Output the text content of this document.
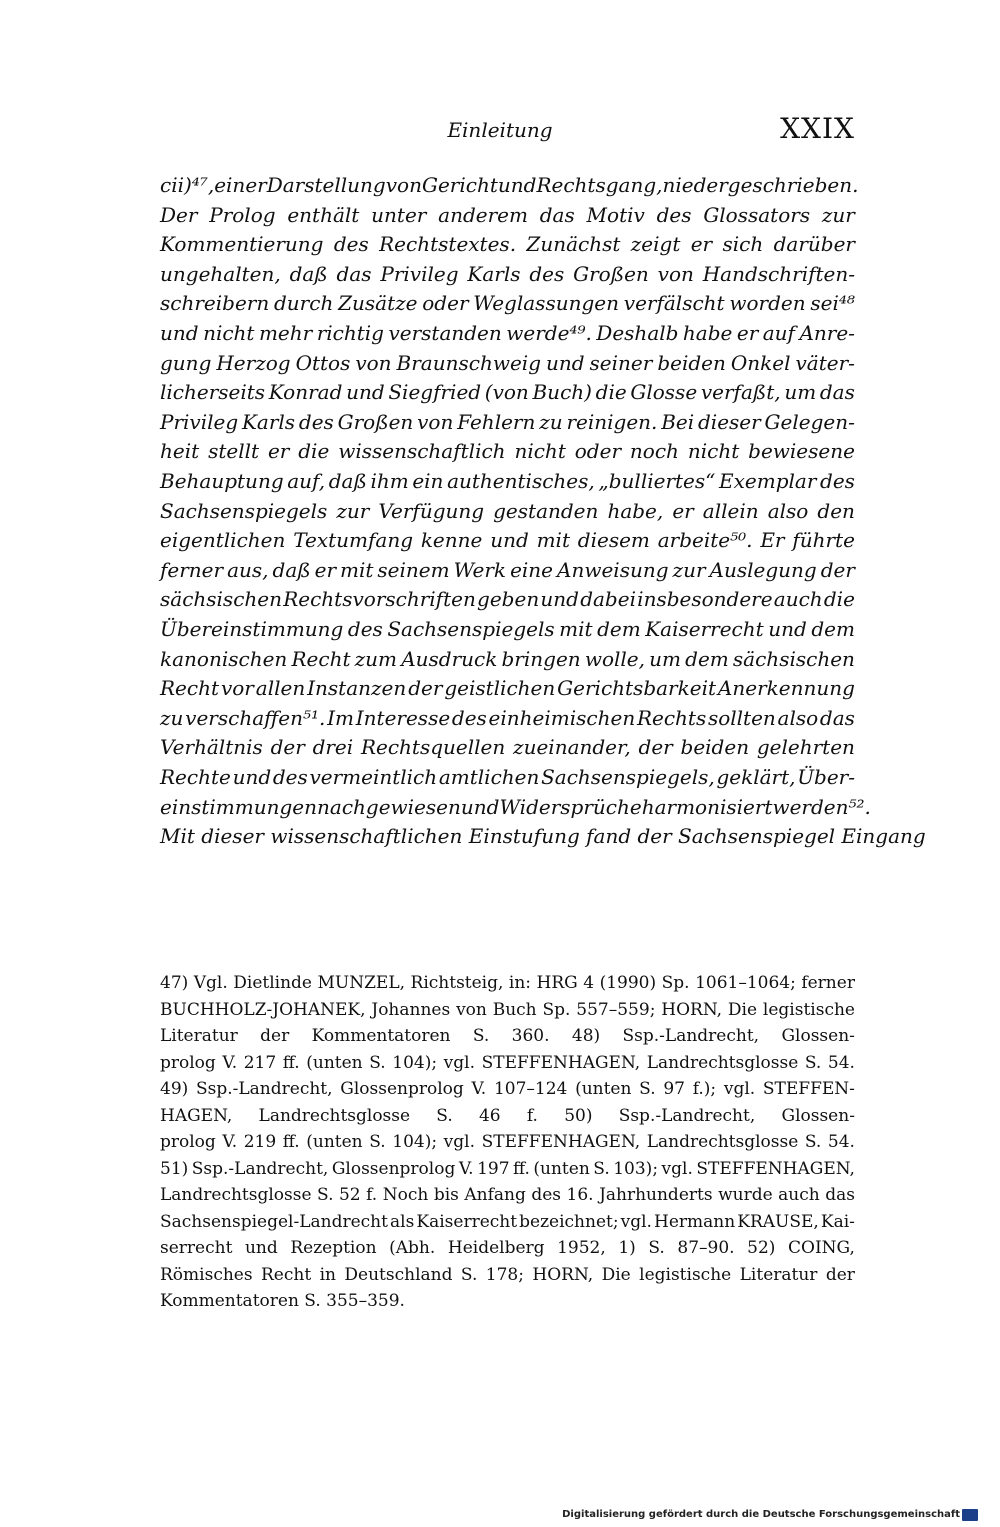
Einleitung	XXIX
cii)⁴⁷, einer Darstellung von Gericht und Rechtsgang, niedergeschrieben.
Der Prolog enthält unter anderem das Motiv des Glossators zur
Kommentierung des Rechtstextes. Zunächst zeigt er sich darüber
ungehalten, daß das Privileg Karls des Großen von Handschriften-
schreibern durch Zusätze oder Weglassungen verfälscht worden sei⁴⁸
und nicht mehr richtig verstanden werde⁴⁹. Deshalb habe er auf Anre-
gung Herzog Ottos von Braunschweig und seiner beiden Onkel väter-
licherseits Konrad und Siegfried (von Buch) die Glosse verfaßt, um das
Privileg Karls des Großen von Fehlern zu reinigen. Bei dieser Gelegen-
heit stellt er die wissenschaftlich nicht oder noch nicht bewiesene
Behauptung auf, daß ihm ein authentisches, „bulliertes“ Exemplar des
Sachsenspiegels zur Verfügung gestanden habe, er allein also den
eigentlichen Textumfang kenne und mit diesem arbeite⁵⁰. Er führte
ferner aus, daß er mit seinem Werk eine Anweisung zur Auslegung der
sächsischen Rechtsvorschriften geben und dabei insbesondere auch die
Übereinstimmung des Sachsenspiegels mit dem Kaiserrecht und dem
kanonischen Recht zum Ausdruck bringen wolle, um dem sächsischen
Recht vor allen Instanzen der geistlichen Gerichtsbarkeit Anerkennung
zu verschaffen⁵¹. Im Interesse des einheimischen Rechts sollten also das
Verhältnis der drei Rechtsquellen zueinander, der beiden gelehrten
Rechte und des vermeintlich amtlichen Sachsenspiegels, geklärt, Über-
einstimmungen nachgewiesen und Widersprüche harmonisiert werden⁵².
Mit dieser wissenschaftlichen Einstufung fand der Sachsenspiegel Eingang
47) Vgl. Dietlinde MUNZEL, Richtsteig, in: HRG 4 (1990) Sp. 1061–1064; ferner
BUCHHOLZ-JOHANEK, Johannes von Buch Sp. 557–559; HORN, Die legistische
Literatur der Kommentatoren S. 360. 48) Ssp.-Landrecht, Glossen-
prolog V. 217 ff. (unten S. 104); vgl. STEFFENHAGEN, Landrechtsglosse S. 54.
49) Ssp.-Landrecht, Glossenprolog V. 107–124 (unten S. 97 f.); vgl. STEFFEN-
HAGEN, Landrechtsglosse S. 46 f. 50) Ssp.-Landrecht, Glossen-
prolog V. 219 ff. (unten S. 104); vgl. STEFFENHAGEN, Landrechtsglosse S. 54.
51) Ssp.-Landrecht, Glossenprolog V. 197 ff. (unten S. 103); vgl. STEFFENHAGEN,
Landrechtsglosse S. 52 f. Noch bis Anfang des 16. Jahrhunderts wurde auch das
Sachsenspiegel-Landrecht als Kaiserrecht bezeichnet; vgl. Hermann KRAUSE, Kai-
serrecht und Rezeption (Abh. Heidelberg 1952, 1) S. 87–90. 52) COING,
Römisches Recht in Deutschland S. 178; HORN, Die legistische Literatur der
Kommentatoren S. 355–359.
Digitalisierung gefördert durch die Deutsche Forschungsgemeinschaft
